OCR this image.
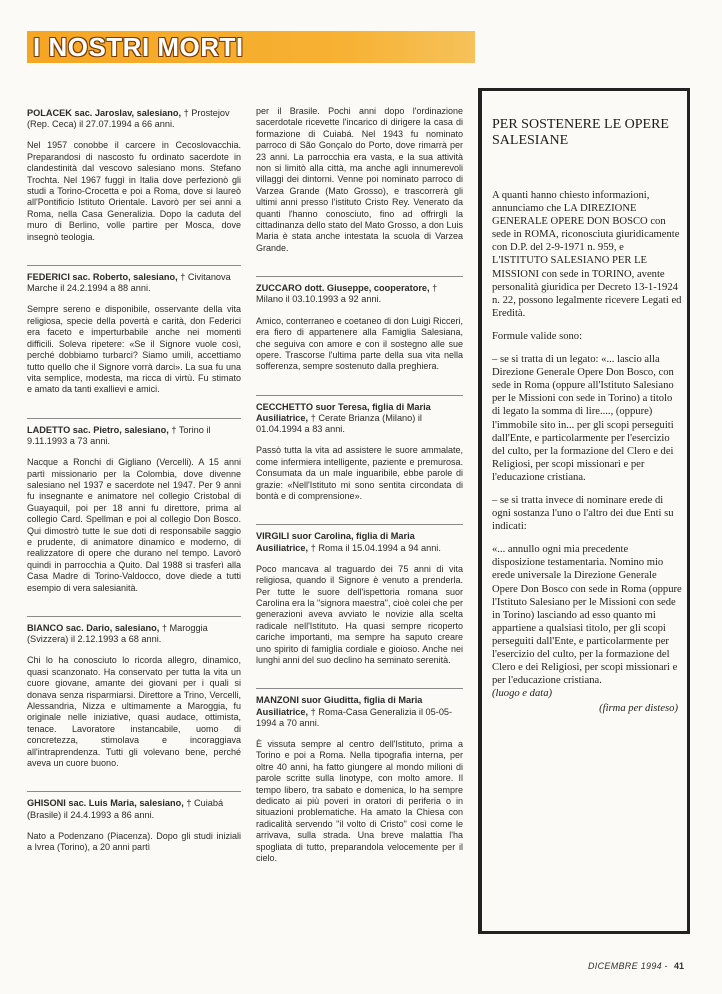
I NOSTRI MORTI

POLACEK sac. Jaroslav, salesiano, † Prostejov (Rep. Ceca) il 27.07.1994 a 66 anni.

Nel 1957 conobbe il carcere in Cecoslovacchia. Preparandosi di nascosto fu ordinato sacerdote in clandestinità dal vescovo salesiano mons. Stefano Trochta. Nel 1967 fuggì in Italia dove perfezionò gli studi a Torino-Crocetta e poi a Roma, dove si laureò all'Pontificio Istituto Orientale. Lavorò per sei anni a Roma, nella Casa Generalizia. Dopo la caduta del muro di Berlino, volle partire per Mosca, dove insegnò teologia.

FEDERICI sac. Roberto, salesiano, † Civitanova Marche il 24.2.1994 a 88 anni.

Sempre sereno e disponibile, osservante della vita religiosa, specie della povertà e carità, don Federici era faceto e imperturbabile anche nei momenti difficili. Soleva ripetere: «Se il Signore vuole così, perché dobbiamo turbarci? Siamo umili, accettiamo tutto quello che il Signore vorrà darci». La sua fu una vita semplice, modesta, ma ricca di virtù. Fu stimato e amato da tanti exallievi e amici.

LADETTO sac. Pietro, salesiano, † Torino il 9.11.1993 a 73 anni.

Nacque a Ronchi di Gigliano (Vercelli). A 15 anni partì missionario per la Colombia, dove divenne salesiano nel 1937 e sacerdote nel 1947. Per 9 anni fu insegnante e animatore nel collegio Cristobal di Guayaquil, poi per 18 anni fu direttore, prima al collegio Card. Spellman e poi al collegio Don Bosco. Qui dimostrò tutte le sue doti di responsabile saggio e prudente, di animatore dinamico e moderno, di realizzatore di opere che durano nel tempo. Lavorò quindi in parrocchia a Quito. Dal 1988 si trasferì alla Casa Madre di Torino-Valdocco, dove diede a tutti esempio di vera salesianità.

BIANCO sac. Dario, salesiano, † Maroggia (Svizzera) il 2.12.1993 a 68 anni.

Chi lo ha conosciuto lo ricorda allegro, dinamico, quasi scanzonato. Ha conservato per tutta la vita un cuore giovane, amante dei giovani per i quali si donava senza risparmiarsi. Direttore a Trino, Vercelli, Alessandria, Nizza e ultimamente a Maroggia, fu originale nelle iniziative, quasi audace, ottimista, tenace. Lavoratore instancabile, uomo di concretezza, stimolava e incoraggiava all'intraprendenza. Tutti gli volevano bene, perché aveva un cuore buono.

GHISONI sac. Luis Maria, salesiano, † Cuiabá (Brasile) il 24.4.1993 a 86 anni.

Nato a Podenzano (Piacenza). Dopo gli studi iniziali a Ivrea (Torino), a 20 anni partì

per il Brasile. Pochi anni dopo l'ordinazione sacerdotale ricevette l'incarico di dirigere la casa di formazione di Cuiabá. Nel 1943 fu nominato parroco di São Gonçalo do Porto, dove rimarrà per 23 anni. La parrocchia era vasta, e la sua attività non si limitò alla città, ma anche agli innumerevoli villaggi dei dintorni. Venne poi nominato parroco di Varzea Grande (Mato Grosso), e trascorrerà gli ultimi anni presso l'istituto Cristo Rey. Venerato da quanti l'hanno conosciuto, fino ad offrirgli la cittadinanza dello stato del Mato Grosso, a don Luis Maria è stata anche intestata la scuola di Varzea Grande.

ZUCCARO dott. Giuseppe, cooperatore, † Milano il 03.10.1993 a 92 anni.

Amico, conterraneo e coetaneo di don Luigi Ricceri, era fiero di appartenere alla Famiglia Salesiana, che seguiva con amore e con il sostegno alle sue opere. Trascorse l'ultima parte della sua vita nella sofferenza, sempre sostenuto dalla preghiera.

CECCHETTO suor Teresa, figlia di Maria Ausiliatrice, † Cerate Brianza (Milano) il 01.04.1994 a 83 anni.

Passò tutta la vita ad assistere le suore ammalate, come infermiera intelligente, paziente e premurosa. Consumata da un male inguaribile, ebbe parole di grazie: «Nell'Istituto mi sono sentita circondata di bontà e di comprensione».

VIRGILI suor Carolina, figlia di Maria Ausiliatrice, † Roma il 15.04.1994 a 94 anni.

Poco mancava al traguardo dei 75 anni di vita religiosa, quando il Signore è venuto a prenderla. Per tutte le suore dell'ispettoria romana suor Carolina era la "signora maestra", cioè colei che per generazioni aveva avviato le novizie alla scelta radicale nell'Istituto. Ha quasi sempre ricoperto cariche importanti, ma sempre ha saputo creare uno spirito di famiglia cordiale e gioioso. Anche nei lunghi anni del suo declino ha seminato serenità.

MANZONI suor Giuditta, figlia di Maria Ausiliatrice, † Roma-Casa Generalizia il 05-05-1994 a 70 anni.

È vissuta sempre al centro dell'Istituto, prima a Torino e poi a Roma. Nella tipografia interna, per oltre 40 anni, ha fatto giungere al mondo milioni di parole scritte sulla linotype, con molto amore. Il tempo libero, tra sabato e domenica, lo ha sempre dedicato ai più poveri in oratori di periferia o in situazioni problematiche. Ha amato la Chiesa con radicalità servendo "il volto di Cristo" così come le arrivava, sulla strada. Una breve malattia l'ha spogliata di tutto, preparandola velocemente per il cielo.

PER SOSTENERE LE OPERE SALESIANE

A quanti hanno chiesto informazioni, annunciamo che LA DIREZIONE GENERALE OPERE DON BOSCO con sede in ROMA, riconosciuta giuridicamente con D.P. del 2-9-1971 n. 959, e L'ISTITUTO SALESIANO PER LE MISSIONI con sede in TORINO, avente personalità giuridica per Decreto 13-1-1924 n. 22, possono legalmente ricevere Legati ed Eredità.

Formule valide sono:

– se si tratta di un legato: «... lascio alla Direzione Generale Opere Don Bosco, con sede in Roma (oppure all'Istituto Salesiano per le Missioni con sede in Torino) a titolo di legato la somma di lire...., (oppure) l'immobile sito in... per gli scopi perseguiti dall'Ente, e particolarmente per l'esercizio del culto, per la formazione del Clero e dei Religiosi, per scopi missionari e per l'educazione cristiana.

– se si tratta invece di nominare erede di ogni sostanza l'uno o l'altro dei due Enti su indicati:

«... annullo ogni mia precedente disposizione testamentaria. Nomino mio erede universale la Direzione Generale Opere Don Bosco con sede in Roma (oppure l'Istituto Salesiano per le Missioni con sede in Torino) lasciando ad esso quanto mi appartiene a qualsiasi titolo, per gli scopi perseguiti dall'Ente, e particolarmente per l'esercizio del culto, per la formazione del Clero e dei Religiosi, per scopi missionari e per l'educazione cristiana.

(luogo e data)

(firma per disteso)

DICEMBRE 1994 - 41
